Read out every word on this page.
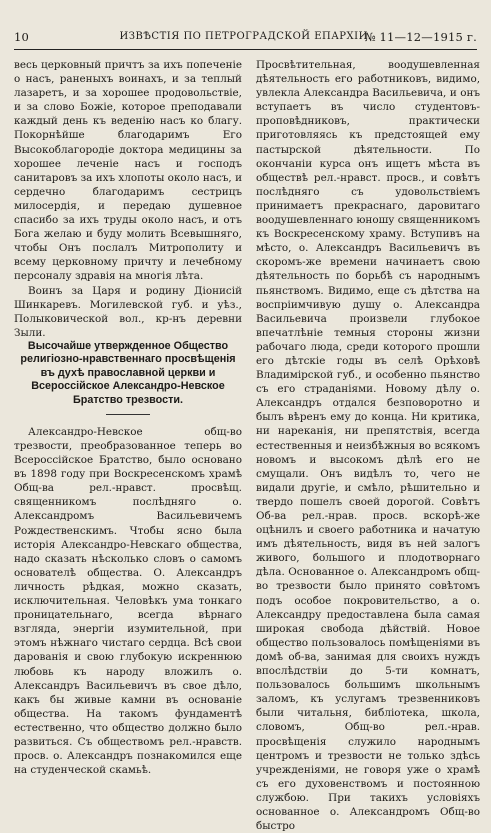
10	ИЗВѢСТІЯ ПО ПЕТРОГРАДСКОЙ ЕПАРХІИ.
№ 11—12—1915 г.

весь церковный причтъ за ихъ попеченіе о насъ, раненыхъ воинахъ, и за теплый лазаретъ, и за хорошее продовольствіе, и за слово Божіе, которое преподавали каждый день къ веденію насъ ко благу. Покорнѣйше благодаримъ Его Высокоблагородіе доктора медицины за хорошее леченіе насъ и господъ санитаровъ за ихъ хлопоты около насъ, и сердечно благодаримъ сестрицъ милосердія, и передаю душевное спасибо за ихъ труды около насъ, и отъ Бога желаю и буду молить Всевышняго, чтобы Онъ послалъ Митрополиту и всему церковному причту и лечебному персоналу здравія на многія лѣта.

Воинъ за Царя и родину Діонисій Шинкаревъ. Могилевской губ. и уѣз., Полыковической вол., кр-нъ деревни Зыли.

Высочайше утвержденное Общество религіозно-нравственнаго просвѣщенія въ духѣ православной церкви и Всероссійское Александро-Невское Братство трезвости.

Александро-Невское общ-во трезвости, преобразованное теперь во Всероссійское Братство, было основано въ 1898 году при Воскресенскомъ храмѣ Общ-ва рел.-нравст. просвѣщ. священникомъ послѣдняго о. Александромъ Васильевичемъ Рождественскимъ. Чтобы ясно была исторія Александро-Невскаго общества, надо сказать нѣсколько словъ о самомъ основателѣ общества. О. Александръ личность рѣдкая, можно сказать, исключительная. Человѣкъ ума тонкаго проницательнаго, всегда вѣрнаго взгляда, энергіи изумительной, при этомъ нѣжнаго чистаго сердца. Всѣ свои дарованія и свою глубокую искреннюю любовь къ народу вложилъ о. Александръ Васильевичъ въ свое дѣло, какъ бы живые камни въ основаніе общества. На такомъ фундаментѣ естественно, что общество должно было развиться. Съ обществомъ рел.-нравств. просв. о. Александръ познакомился еще на студенческой скамьѣ.

Просвѣтительная, воодушевленная дѣятельность его работниковъ, видимо, увлекла Александра Васильевича, и онъ вступаетъ въ число студентовъ-проповѣдниковъ, практически приготовляясь къ предстоящей ему пастырской дѣятельности. По окончаніи курса онъ ищетъ мѣста въ обществѣ рел.-нравст. просв., и совѣтъ послѣдняго съ удовольствіемъ принимаетъ прекраснаго, даровитаго воодушевленнаго юношу священникомъ къ Воскресенскому храму. Вступивъ на мѣсто, о. Александръ Васильевичъ въ скоромъ-же времени начинаетъ свою дѣятельность по борьбѣ съ народнымъ пьянствомъ. Видимо, еще съ дѣтства на воспріимчивую душу о. Александра Васильевича произвели глубокое впечатлѣніе темныя стороны жизни рабочаго люда, среди которого прошли его дѣтскіе годы въ селѣ Орѣховѣ Владимірской губ., и особенно пьянство съ его страданіями. Новому дѣлу о. Александръ отдался безповоротно и былъ вѣренъ ему до конца. Ни критика, ни нареканія, ни препятствія, всегда естественныя и неизбѣжныя во всякомъ новомъ и высокомъ дѣлѣ его не смущали. Онъ видѣлъ то, чего не видали другіе, и смѣло, рѣшительно и твердо пошелъ своей дорогой. Совѣтъ Об-ва рел.-нрав. просв. вскорѣ-же оцѣнилъ и своего работника и начатую имъ дѣятельность, видя въ ней залогъ живого, большого и плодотворнаго дѣла. Основанное о. Александромъ общ-во трезвости было принято совѣтомъ подъ особое покровительство, а о. Александру предоставлена была самая широкая свобода дѣйствій. Новое общество пользовалось помѣщеніями въ домѣ об-ва, занимая для своихъ нуждъ впослѣдствіи до 5-ти комнатъ, пользовалось большимъ школьнымъ заломъ, къ услугамъ трезвенниковъ были читальня, библіотека, школа, словомъ, Общ-во рел.-нрав. просвѣщенія служило народнымъ центромъ и трезвости не только здѣсь учрежденіями, не говоря уже о храмѣ съ его духовенствомъ и постоянною службою. При такихъ условіяхъ основанное о. Александромъ Общ-во быстро
